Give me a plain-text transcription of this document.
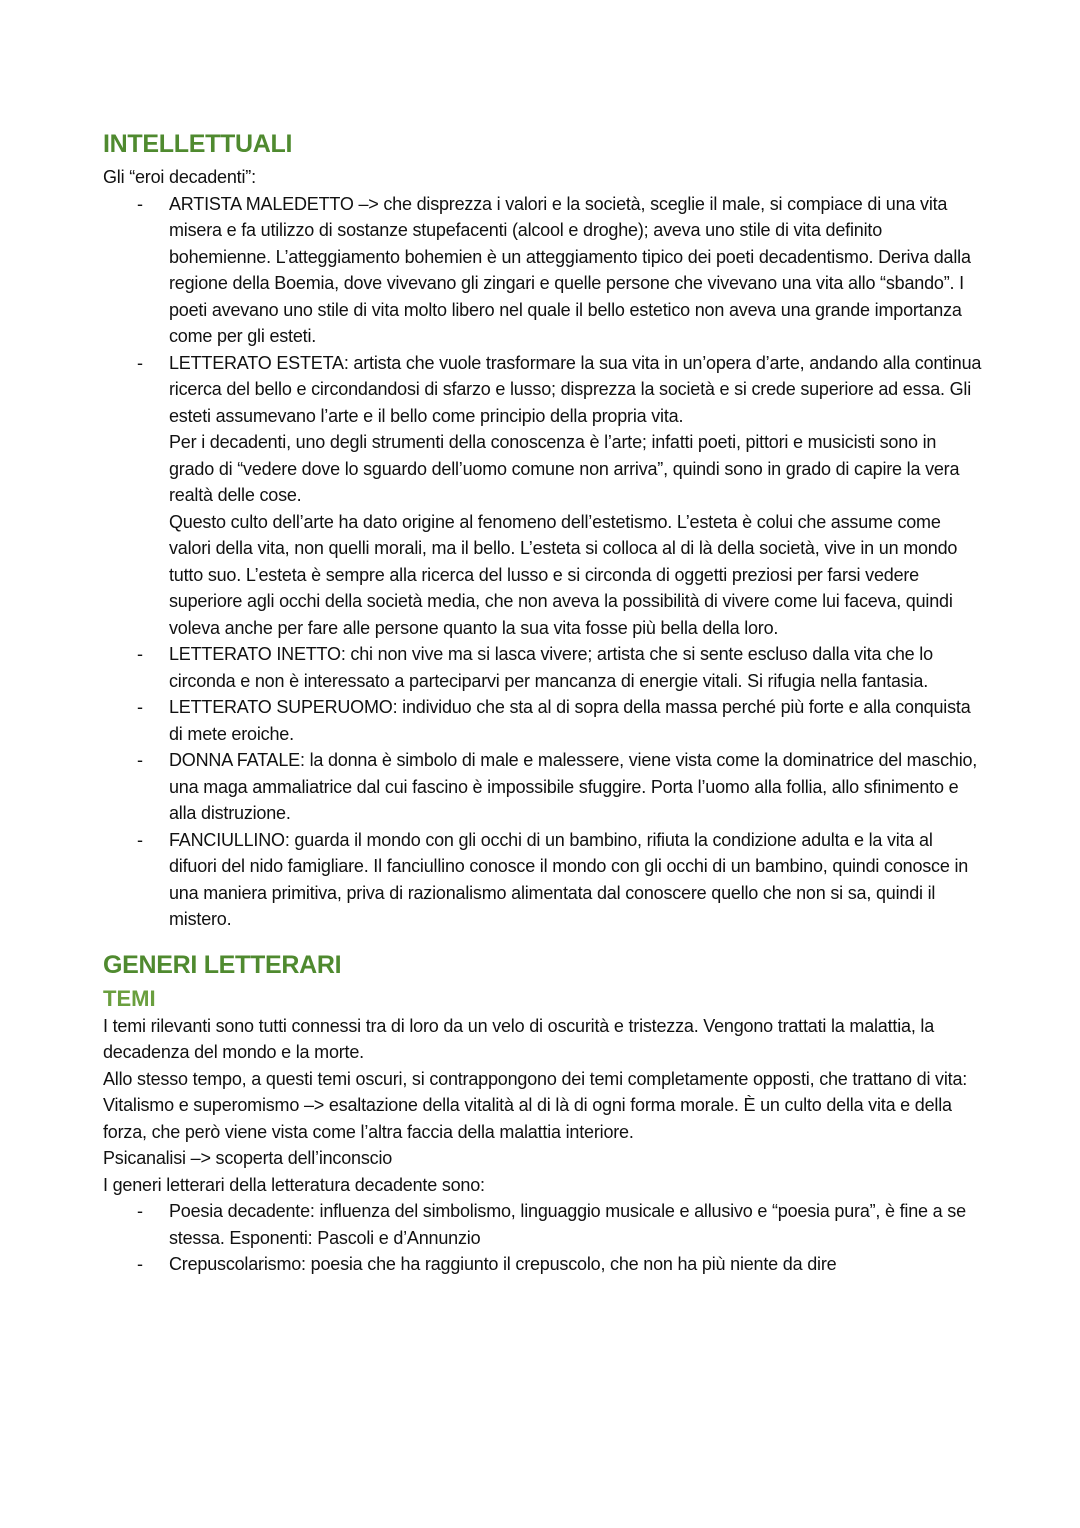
INTELLETTUALI

Gli “eroi decadenti”:

- ARTISTA MALEDETTO –> che disprezza i valori e la società, sceglie il male, si compiace di una vita misera e fa utilizzo di sostanze stupefacenti (alcool e droghe); aveva uno stile di vita definito bohemienne. L’atteggiamento bohemien è un atteggiamento tipico dei poeti decadentismo. Deriva dalla regione della Boemia, dove vivevano gli zingari e quelle persone che vivevano una vita allo “sbando”. I poeti avevano uno stile di vita molto libero nel quale il bello estetico non aveva una grande importanza come per gli esteti.

- LETTERATO ESTETA: artista che vuole trasformare la sua vita in un’opera d’arte, andando alla continua ricerca del bello e circondandosi di sfarzo e lusso; disprezza la società e si crede superiore ad essa. Gli esteti assumevano l’arte e il bello come principio della propria vita.

Per i decadenti, uno degli strumenti della conoscenza è l’arte; infatti poeti, pittori e musicisti sono in grado di “vedere dove lo sguardo dell’uomo comune non arriva”, quindi sono in grado di capire la vera realtà delle cose.

Questo culto dell’arte ha dato origine al fenomeno dell’estetismo. L’esteta è colui che assume come valori della vita, non quelli morali, ma il bello. L’esteta si colloca al di là della società, vive in un mondo tutto suo. L’esteta è sempre alla ricerca del lusso e si circonda di oggetti preziosi per farsi vedere superiore agli occhi della società media, che non aveva la possibilità di vivere come lui faceva, quindi voleva anche per fare alle persone quanto la sua vita fosse più bella della loro.

- LETTERATO INETTO: chi non vive ma si lasca vivere; artista che si sente escluso dalla vita che lo circonda e non è interessato a parteciparvi per mancanza di energie vitali. Si rifugia nella fantasia.

- LETTERATO SUPERUOMO: individuo che sta al di sopra della massa perché più forte e alla conquista di mete eroiche.

- DONNA FATALE: la donna è simbolo di male e malessere, viene vista come la dominatrice del maschio, una maga ammaliatrice dal cui fascino è impossibile sfuggire. Porta l’uomo alla follia, allo sfinimento e alla distruzione.

- FANCIULLINO: guarda il mondo con gli occhi di un bambino, rifiuta la condizione adulta e la vita al difuori del nido famigliare. Il fanciullino conosce il mondo con gli occhi di un bambino, quindi conosce in una maniera primitiva, priva di razionalismo alimentata dal conoscere quello che non si sa, quindi il mistero.

GENERI LETTERARI
TEMI

I temi rilevanti sono tutti connessi tra di loro da un velo di oscurità e tristezza. Vengono trattati la malattia, la decadenza del mondo e la morte.

Allo stesso tempo, a questi temi oscuri, si contrappongono dei temi completamente opposti, che trattano di vita:

Vitalismo e superomismo –> esaltazione della vitalità al di là di ogni forma morale. È un culto della vita e della forza, che però viene vista come l’altra faccia della malattia interiore.

Psicanalisi –> scoperta dell’inconscio

I generi letterari della letteratura decadente sono:

- Poesia decadente: influenza del simbolismo, linguaggio musicale e allusivo e “poesia pura”, è fine a se stessa. Esponenti: Pascoli e d’Annunzio

- Crepuscolarismo: poesia che ha raggiunto il crepuscolo, che non ha più niente da dire
